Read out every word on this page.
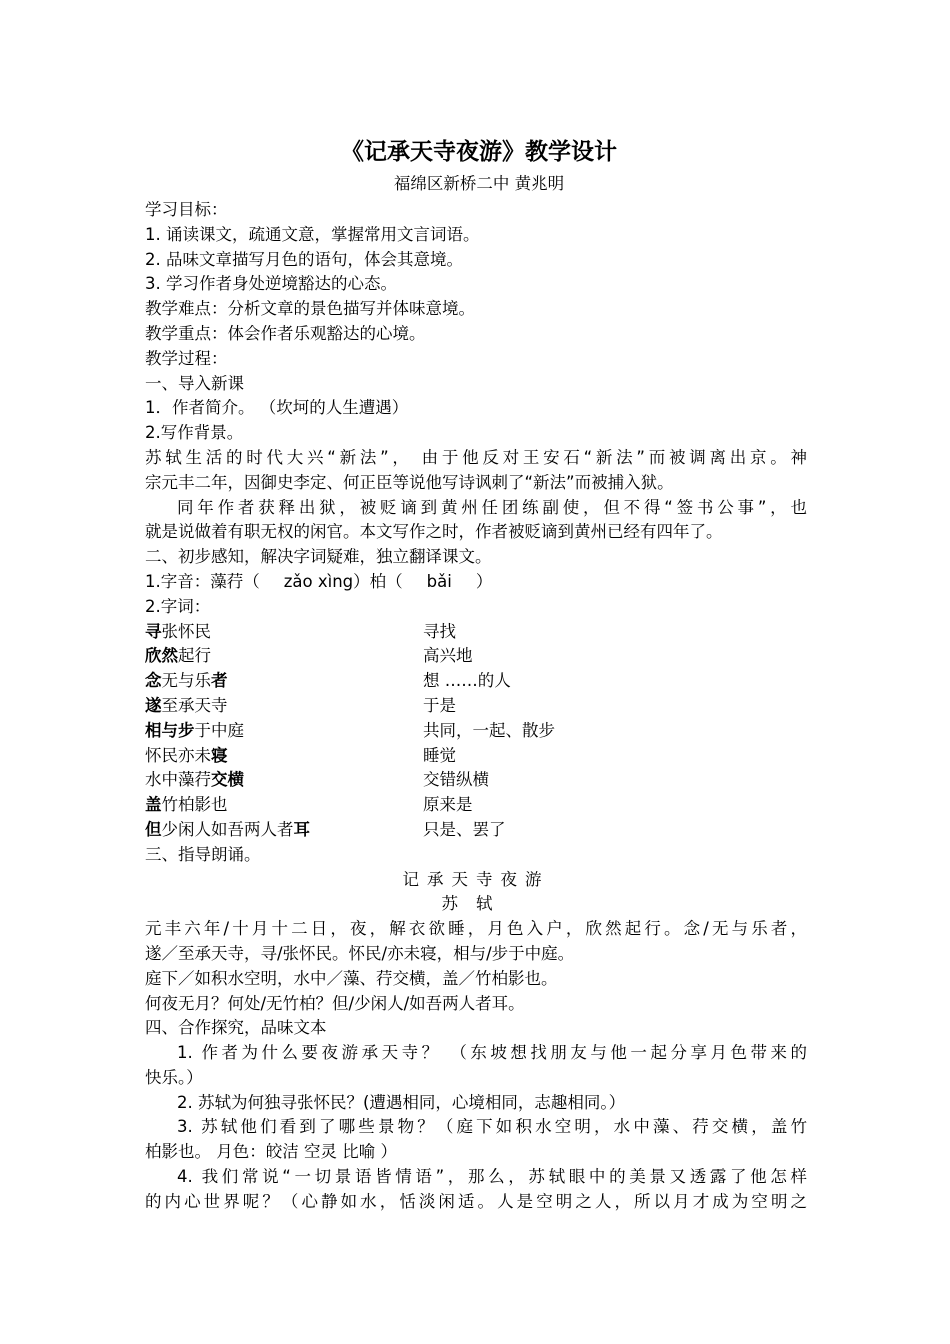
《记承天寺夜游》教学设计
福绵区新桥二中 黄兆明
学习目标：
1. 诵读课文，疏通文意，掌握常用文言词语。
2. 品味文章描写月色的语句，体会其意境。
3. 学习作者身处逆境豁达的心态。
教学难点：分析文章的景色描写并体味意境。
教学重点：体会作者乐观豁达的心境。
教学过程：
一、导入新课
1．作者简介。 （坎坷的人生遭遇）
2.写作背景。
苏轼生活的时代大兴“新法”， 由于他反对王安石“新法”而被调离出京。神
宗元丰二年，因御史李定、何正臣等说他写诗讽刺了“新法”而被捕入狱。
同年作者获释出狱，被贬谪到黄州任团练副使，但不得“签书公事”，也
就是说做着有职无权的闲官。本文写作之时，作者被贬谪到黄州已经有四年了。
二、初步感知，解决字词疑难，独立翻译课文。
1.字音：藻荇（ zǎo xìng）柏（ bǎi ）
2.字词：
寻张怀民	寻找
欣然起行	高兴地
念无与乐者	想 ……的人
遂至承天寺	于是
相与步于中庭	共同，一起、散步
怀民亦未寝	睡觉
水中藻荇交横	交错纵横
盖竹柏影也	原来是
但少闲人如吾两人者耳	只是、罢了
三、指导朗诵。
记承天寺夜游
苏轼
元丰六年/十月十二日，夜，解衣欲睡，月色入户，欣然起行。念/无与乐者，
遂／至承天寺，寻/张怀民。怀民/亦未寝，相与/步于中庭。
庭下／如积水空明，水中／藻、荇交横，盖／竹柏影也。
何夜无月？何处/无竹柏？但/少闲人/如吾两人者耳。
四、合作探究，品味文本
1. 作者为什么要夜游承天寺？ （东坡想找朋友与他一起分享月色带来的
快乐。）
2. 苏轼为何独寻张怀民？(遭遇相同，心境相同，志趣相同。）
3. 苏轼他们看到了哪些景物？（庭下如积水空明，水中藻、荇交横，盖竹
柏影也。 月色：皎洁 空灵 比喻 ）
4. 我们常说“一切景语皆情语”，那么，苏轼眼中的美景又透露了他怎样
的内心世界呢？（心静如水，恬淡闲适。人是空明之人，所以月才成为空明之
